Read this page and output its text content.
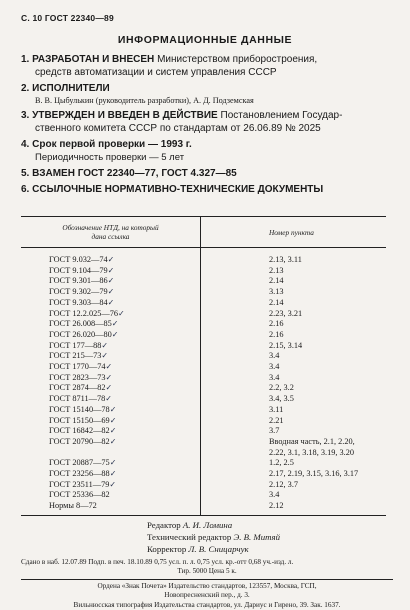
С. 10 ГОСТ 22340—89
ИНФОРМАЦИОННЫЕ ДАННЫЕ
1. РАЗРАБОТАН И ВНЕСЕН Министерством приборостроения,
средств автоматизации и систем управления СССР
2. ИСПОЛНИТЕЛИ
В. В. Цыбулькин (руководитель разработки), А. Д. Подземская
3. УТВЕРЖДЕН И ВВЕДЕН В ДЕЙСТВИЕ Постановлением Государ-
ственного комитета СССР по стандартам от 26.06.89 № 2025
4. Срок первой проверки — 1993 г.
Периодичность проверки — 5 лет
5. ВЗАМЕН ГОСТ 22340—77, ГОСТ 4.327—85
6. ССЫЛОЧНЫЕ НОРМАТИВНО-ТЕХНИЧЕСКИЕ ДОКУМЕНТЫ
Обозначение НТД, на который
дана ссылка	Номер пункта
ГОСТ 9.032—74✓	2.13, 3.11

ГОСТ 9.104—79✓	2.13

ГОСТ 9.301—86✓	2.14

ГОСТ 9.302—79✓	3.13

ГОСТ 9.303—84✓	2.14

ГОСТ 12.2.025—76✓	2.23, 3.21

ГОСТ 26.008—85✓	2.16

ГОСТ 26.020—80✓	2.16

ГОСТ 177—88✓	2.15, 3.14

ГОСТ 215—73✓	3.4

ГОСТ 1770—74✓	3.4

ГОСТ 2823—73✓	3.4

ГОСТ 2874—82✓	2.2, 3.2

ГОСТ 8711—78✓	3.4, 3.5

ГОСТ 15140—78✓	3.11

ГОСТ 15150—69✓	2.21

ГОСТ 16842—82✓	3.7

ГОСТ 20790—82✓	Вводная часть, 2.1, 2.20,
2.22, 3.1, 3.18, 3.19, 3.20

ГОСТ 20887—75✓	1.2, 2.5

ГОСТ 23256—88✓	2.17, 2.19, 3.15, 3.16, 3.17

ГОСТ 23511—79✓	2.12, 3.7

ГОСТ 25336—82	3.4

Нормы 8—72	2.12
Редактор А. И. Ломина
Технический редактор Э. В. Митяй
Корректор Л. В. Сницарчук
Сдано в наб. 12.07.89 Подп. в печ. 18.10.89 0,75 усл. п. л. 0,75 усл. кр.-отт 0,68 уч.-изд. л.
Тир. 5000 Цена 5 к.
Ордена «Знак Почета» Издательство стандартов, 123557, Москва, ГСП,
Новопресненский пер., д. 3.
Вильнюсская типография Издательства стандартов, ул. Дариус и Гирено, 39. Зак. 1637.
